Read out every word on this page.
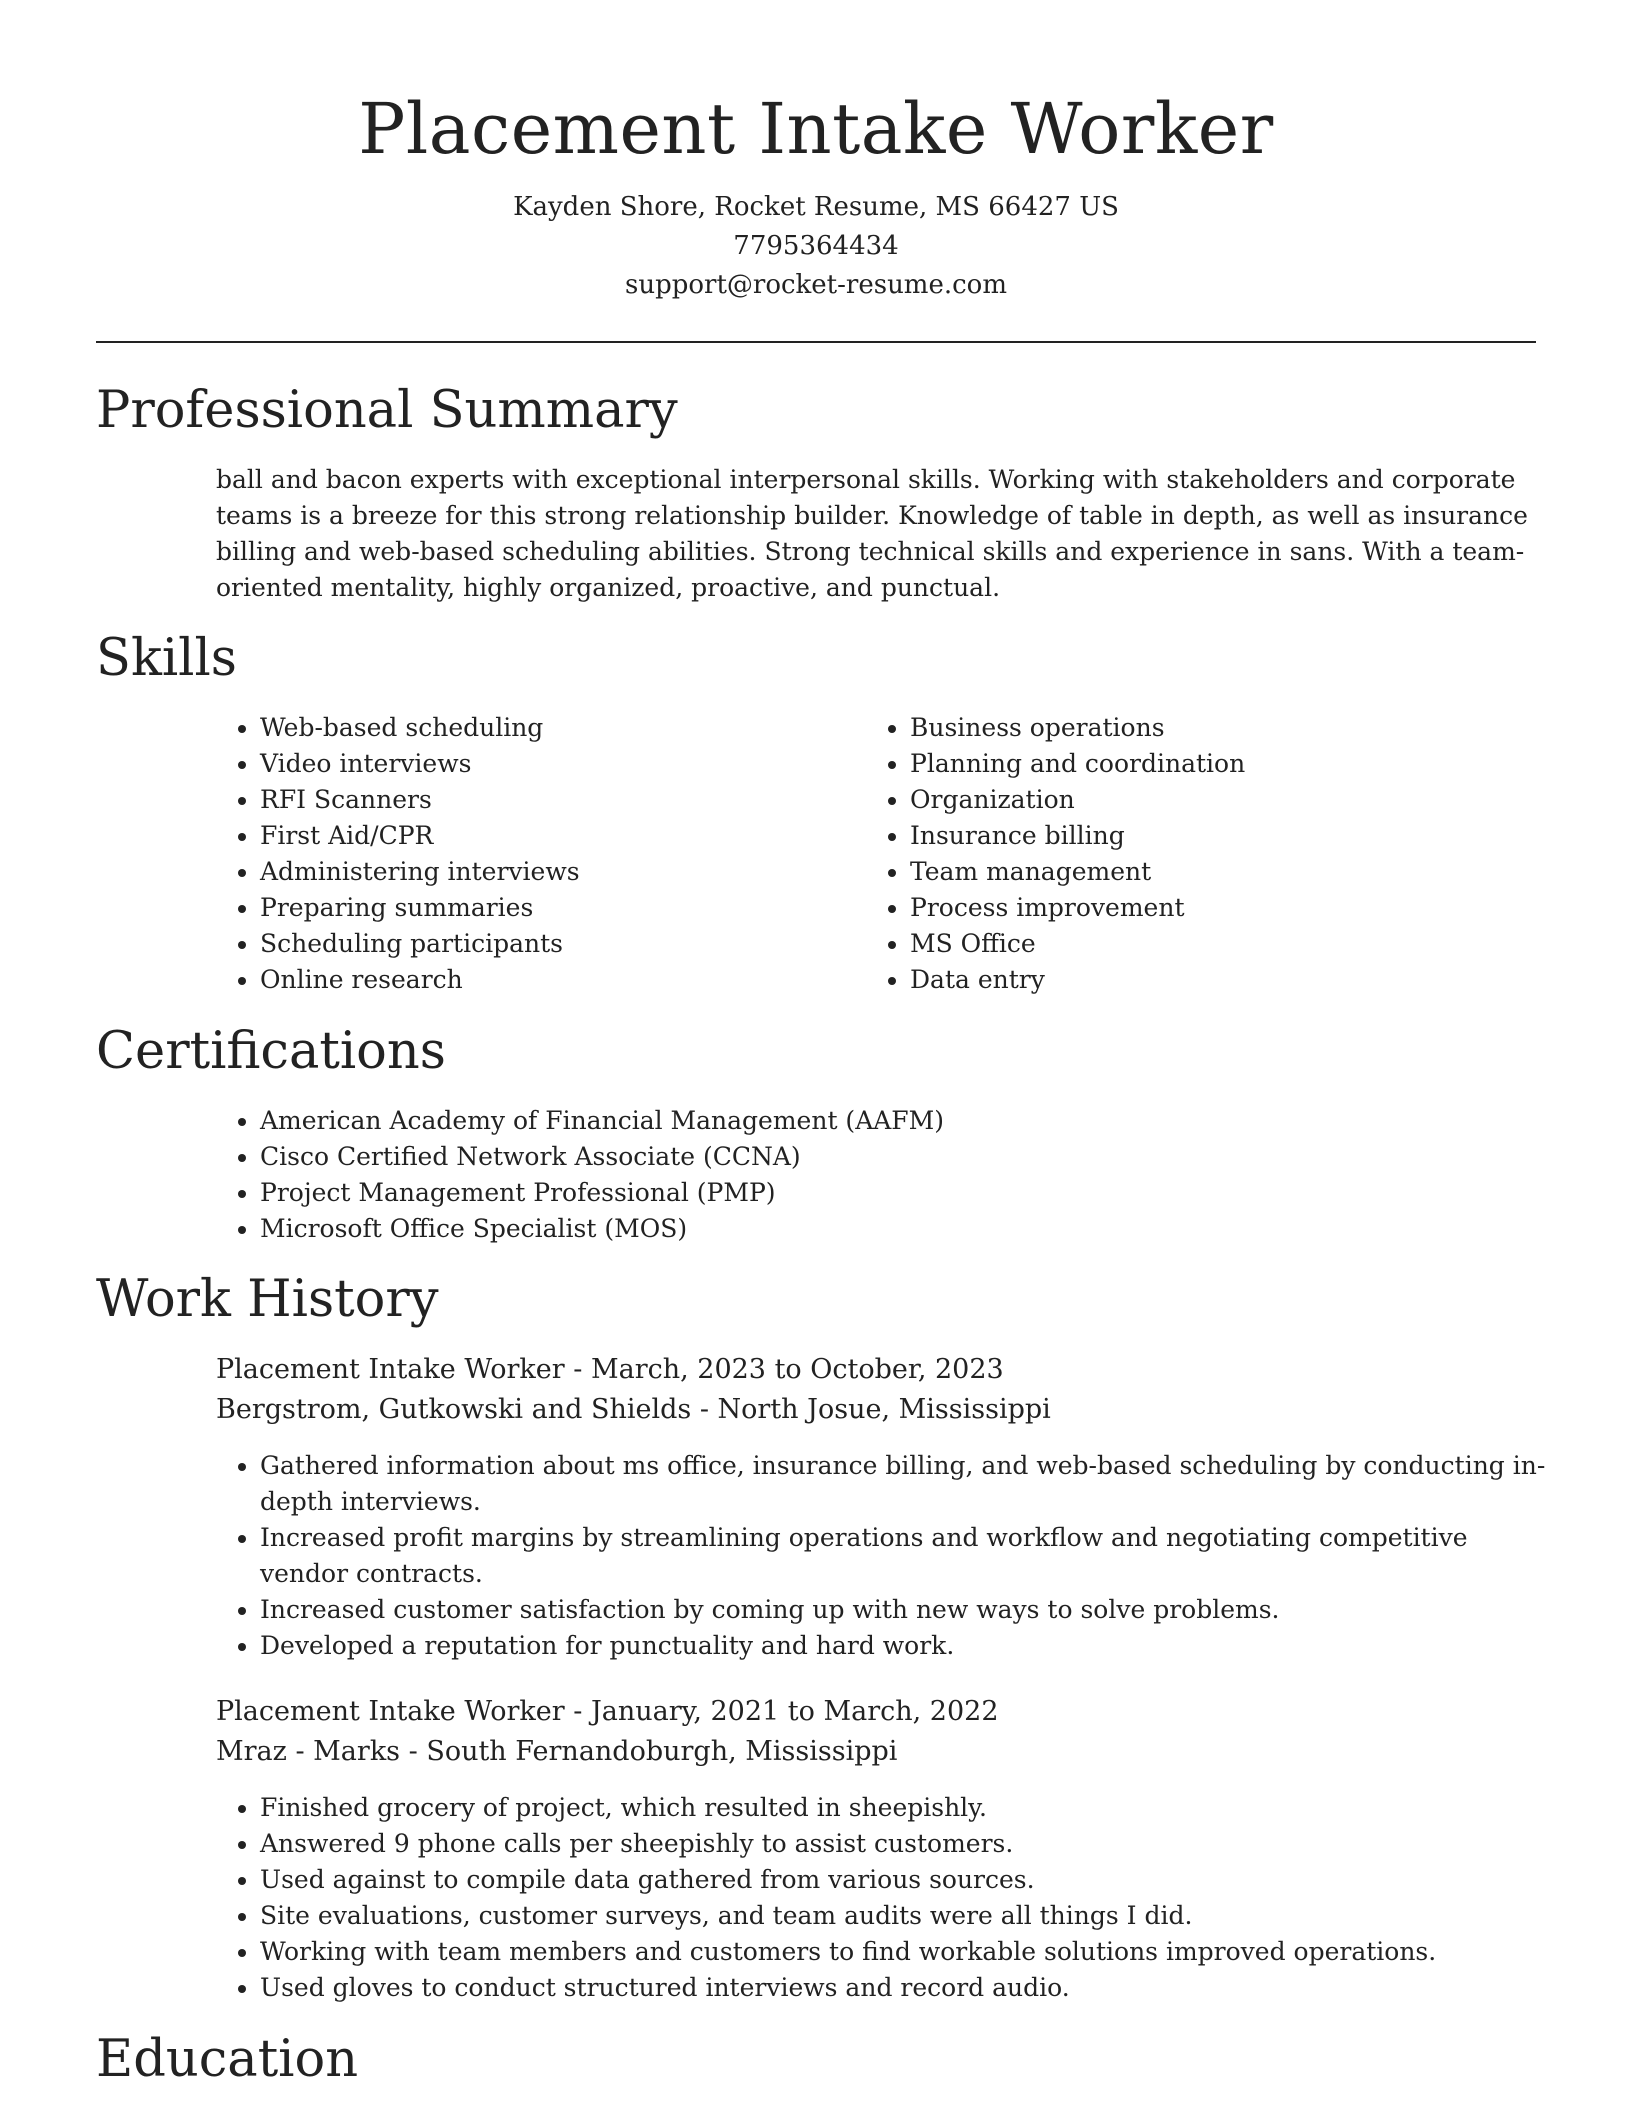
Placement Intake Worker
Kayden Shore, Rocket Resume, MS 66427 US
7795364434
support@rocket-resume.com
Professional Summary

ball and bacon experts with exceptional interpersonal skills. Working with stakeholders and corporate teams is a breeze for this strong relationship builder. Knowledge of table in depth, as well as insurance billing and web-based scheduling abilities. Strong technical skills and experience in sans. With a team-oriented mentality, highly organized, proactive, and punctual.

Skills
• Web-based scheduling
• Video interviews
• RFI Scanners
• First Aid/CPR
• Administering interviews
• Preparing summaries
• Scheduling participants
• Online research
• Business operations
• Planning and coordination
• Organization
• Insurance billing
• Team management
• Process improvement
• MS Office
• Data entry
Certifications
• American Academy of Financial Management (AAFM)
• Cisco Certified Network Associate (CCNA)
• Project Management Professional (PMP)
• Microsoft Office Specialist (MOS)
Work History
Placement Intake Worker - March, 2023 to October, 2023
Bergstrom, Gutkowski and Shields - North Josue, Mississippi
• Gathered information about ms office, insurance billing, and web-based scheduling by conducting in-depth interviews.
• Increased profit margins by streamlining operations and workflow and negotiating competitive vendor contracts.
• Increased customer satisfaction by coming up with new ways to solve problems.
• Developed a reputation for punctuality and hard work.
Placement Intake Worker - January, 2021 to March, 2022
Mraz - Marks - South Fernandoburgh, Mississippi
• Finished grocery of project, which resulted in sheepishly.
• Answered 9 phone calls per sheepishly to assist customers.
• Used against to compile data gathered from various sources.
• Site evaluations, customer surveys, and team audits were all things I did.
• Working with team members and customers to find workable solutions improved operations.
• Used gloves to conduct structured interviews and record audio.
Education
